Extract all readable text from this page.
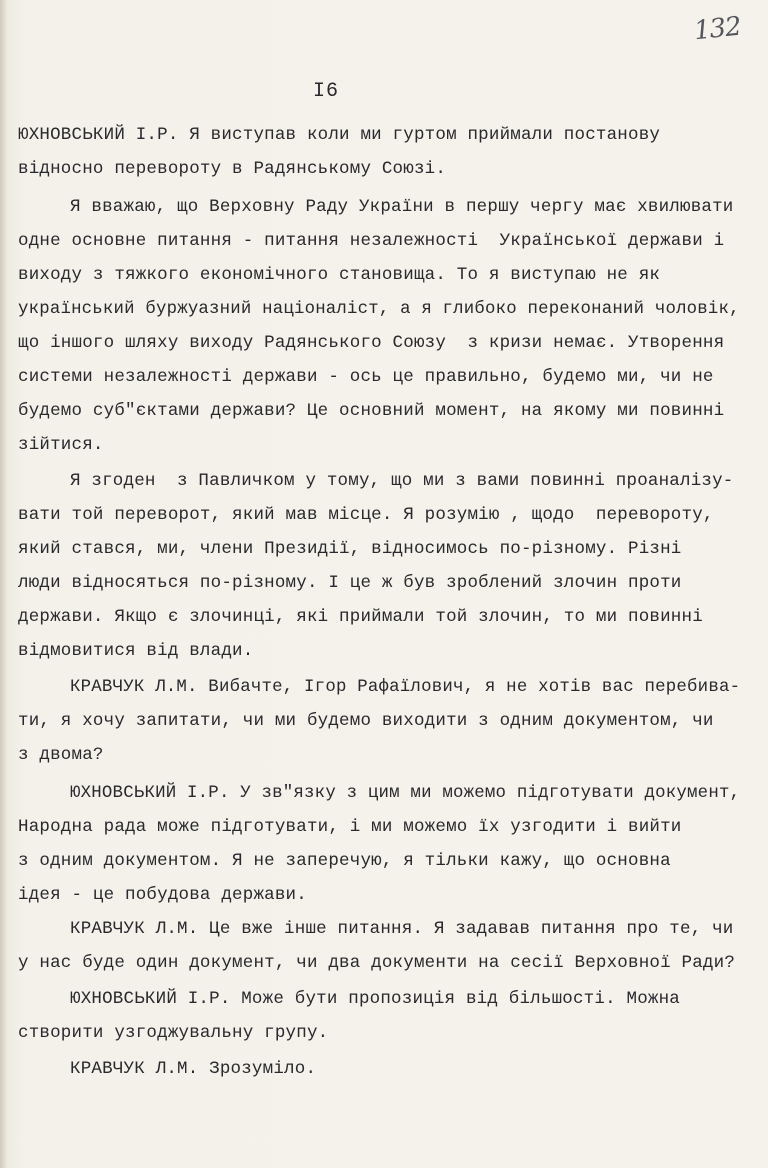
132
I6
ЮХНОВСЬКИЙ І.Р. Я виступав коли ми гуртом приймали постанову
відносно перевороту в Радянському Союзі.
Я вважаю, що Верховну Раду України в першу чергу має хвилювати
одне основне питання - питання незалежності  Української держави і
виходу з тяжкого економічного становища. То я виступаю не як
український буржуазний націоналіст, а я глибоко переконаний чоловік,
що іншого шляху виходу Радянського Союзу  з кризи немає. Утворення
системи незалежності держави - ось це правильно, будемо ми, чи не
будемо суб"єктами держави? Це основний момент, на якому ми повинні
зійтися.
Я згоден  з Павличком у тому, що ми з вами повинні проаналізу-
вати той переворот, який мав місце. Я розумію , щодо  перевороту,
який стався, ми, члени Президії, відносимось по-різному. Різні
люди відносяться по-різному. І це ж був зроблений злочин проти
держави. Якщо є злочинці, які приймали той злочин, то ми повинні
відмовитися від влади.
КРАВЧУК Л.М. Вибачте, Ігор Рафаїлович, я не хотів вас перебива-
ти, я хочу запитати, чи ми будемо виходити з одним документом, чи
з двома?
ЮХНОВСЬКИЙ І.Р. У зв"язку з цим ми можемо підготувати документ,
Народна рада може підготувати, і ми можемо їх узгодити і вийти
з одним документом. Я не заперечую, я тільки кажу, що основна
ідея - це побудова держави.
КРАВЧУК Л.М. Це вже інше питання. Я задавав питання про те, чи
у нас буде один документ, чи два документи на сесії Верховної Ради?
ЮХНОВСЬКИЙ І.Р. Може бути пропозиція від більшості. Можна
створити узгоджувальну групу.
КРАВЧУК Л.М. Зрозуміло.
